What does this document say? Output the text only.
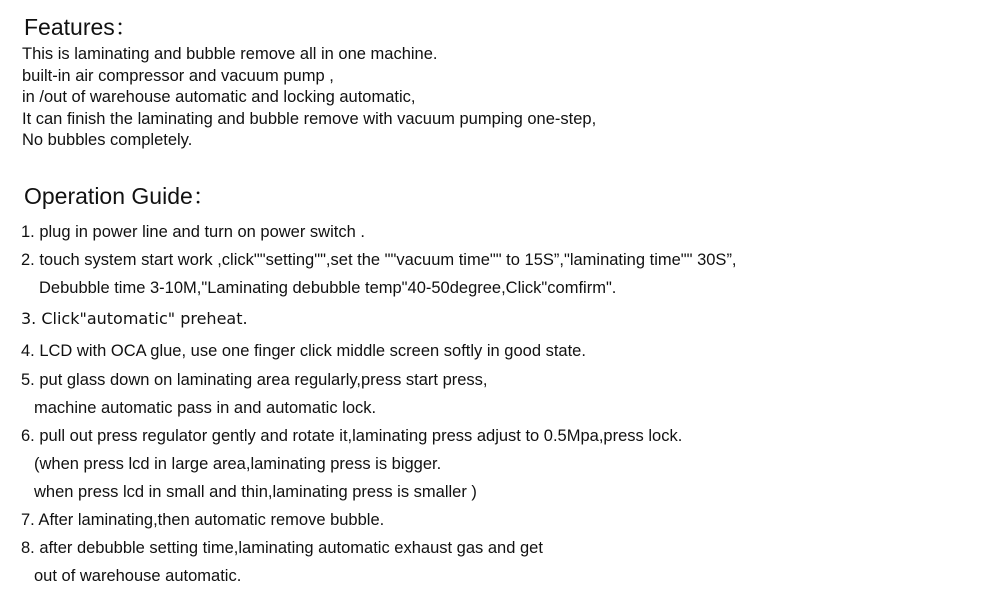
Features：
This is laminating and bubble remove all in one machine.
built-in air compressor and vacuum pump ,
in /out of warehouse automatic and locking automatic,
It can finish the laminating and bubble remove with vacuum pumping one-step,
No bubbles completely.
Operation Guide：

1. plug in power line and turn on power switch .

2. touch system start work ,click""setting"",set the ""vacuum time"" to 15S”,"laminating time"" 30S”,

Debubble time 3-10M,"Laminating debubble temp"40-50degree,Click"comfirm".

3. Click"automatic" preheat.

4. LCD with OCA glue, use one finger click middle screen softly in good state.

5. put glass down on laminating area regularly,press start press,

machine automatic pass in and automatic lock.

6. pull out press regulator gently and rotate it,laminating press adjust to 0.5Mpa,press lock.

(when press lcd in large area,laminating press is bigger.

when press lcd in small and thin,laminating press is smaller )

7. After laminating,then automatic remove bubble.

8. after debubble setting time,laminating automatic exhaust gas and get

out of warehouse automatic.
